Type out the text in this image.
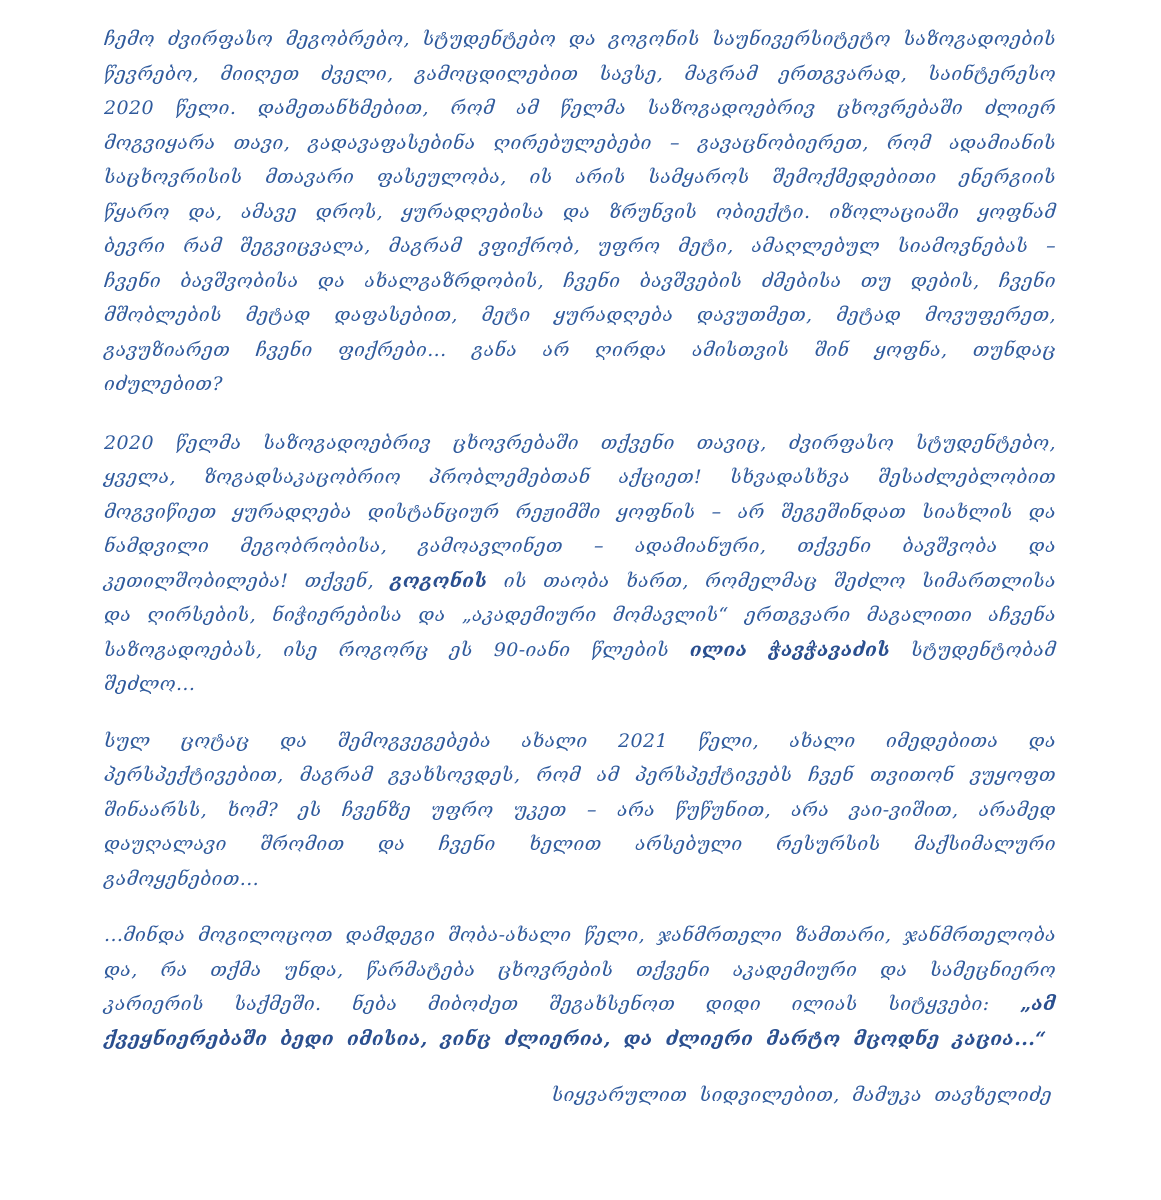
ჩემო ძვირფასო მეგობრებო, სტუდენტებო და გოგონის საუნივერსიტეტო საზოგადოების წევრებო, მიიღეთ ძველი, გამოცდილებით სავსე, მაგრამ ერთგვარად, საინტერესო 2020 წელი. დამეთანხმებით, რომ ამ წელმა საზოგადოებრივ ცხოვრებაში ძლიერ მოგვიყარა თავი, გადავაფასებინა ღირებულებები – გავაცნობიერეთ, რომ ადამიანის საცხოვრისის მთავარი ფასეულობა, ის არის სამყაროს შემოქმედებითი ენერგიის წყარო და, ამავე დროს, ყურადღებისა და ზრუნვის ობიექტი. იზოლაციაში ყოფნამ ბევრი რამ შეგვიცვალა, მაგრამ ვფიქრობ, უფრო მეტი, ამაღლებულ სიამოვნებას – ჩვენი ბავშვობისა და ახალგაზრდობის, ჩვენი ბავშვების ძმებისა თუ დების, ჩვენი მშობლების მეტად დაფასებით, მეტი ყურადღება დავუთმეთ, მეტად მოვუფერეთ, გავუზიარეთ ჩვენი ფიქრები... განა არ ღირდა ამისთვის შინ ყოფნა, თუნდაც იძულებით?

2020 წელმა საზოგადოებრივ ცხოვრებაში თქვენი თავიც, ძვირფასო სტუდენტებო, ყველა, ზოგადსაკაცობრიო პრობლემებთან აქციეთ! სხვადასხვა შესაძლებლობით მოგვიწიეთ ყურადღება დისტანციურ რეჟიმში ყოფნის – არ შეგეშინდათ სიახლის და ნამდვილი მეგობრობისა, გამოავლინეთ – ადამიანური, თქვენი ბავშვობა და კეთილშობილება! თქვენ, გოგონის ის თაობა ხართ, რომელმაც შეძლო სიმართლისა და ღირსების, ნიჭიერებისა და „აკადემიური მომავლის“ ერთგვარი მაგალითი აჩვენა საზოგადოებას, ისე როგორც ეს 90-იანი წლების ილია ჭავჭავაძის სტუდენტობამ შეძლო...

სულ ცოტაც და შემოგვეგებება ახალი 2021 წელი, ახალი იმედებითა და პერსპექტივებით, მაგრამ გვახსოვდეს, რომ ამ პერსპექტივებს ჩვენ თვითონ ვუყოფთ შინაარსს, ხომ? ეს ჩვენზე უფრო უკეთ – არა წუწუნით, არა ვაი-ვიშით, არამედ დაუღალავი შრომით და ჩვენი ხელით არსებული რესურსის მაქსიმალური გამოყენებით...

...მინდა მოგილოცოთ დამდეგი შობა-ახალი წელი, ჯანმრთელი ზამთარი, ჯანმრთელობა და, რა თქმა უნდა, წარმატება ცხოვრების თქვენი აკადემიური და სამეცნიერო კარიერის საქმეში. ნება მიბოძეთ შეგახსენოთ დიდი ილიას სიტყვები: „ამ ქვეყნიერებაში ბედი იმისია, ვინც ძლიერია, და ძლიერი მარტო მცოდნე კაცია...“

სიყვარულით სიდვილებით, მამუკა თავხელიძე
